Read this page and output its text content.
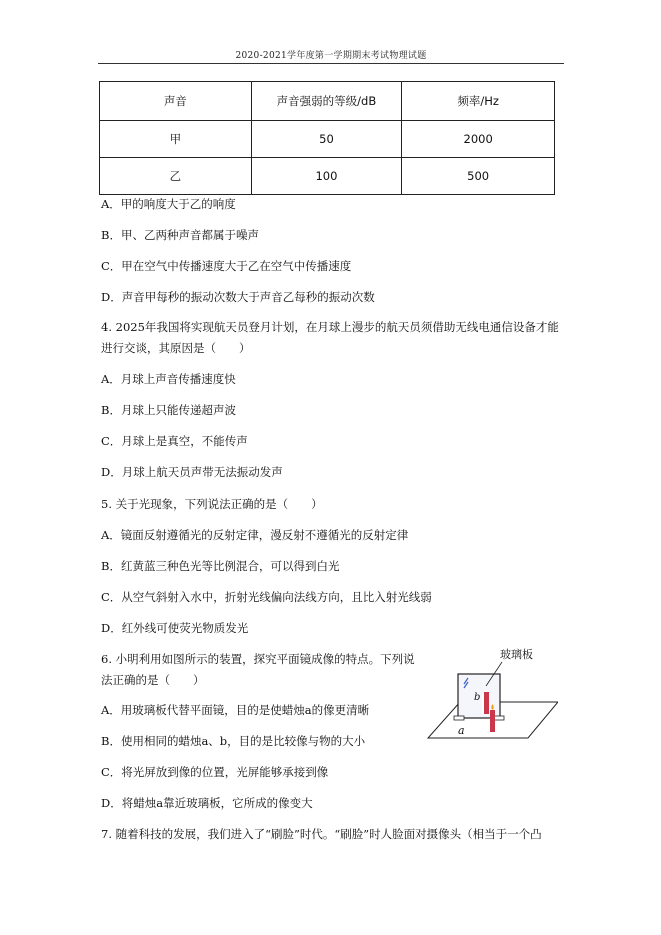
2020-2021学年度第一学期期末考试物理试题
声音	声音强弱的等级/dB	频率/Hz
甲	50	2000
乙	100	500
A．甲的响度大于乙的响度
B．甲、乙两种声音都属于噪声
C．甲在空气中传播速度大于乙在空气中传播速度
D．声音甲每秒的振动次数大于声音乙每秒的振动次数
4. 2025年我国将实现航天员登月计划，在月球上漫步的航天员须借助无线电通信设备才能进行交谈，其原因是（　　）
A．月球上声音传播速度快
B．月球上只能传递超声波
C．月球上是真空，不能传声
D．月球上航天员声带无法振动发声
5. 关于光现象，下列说法正确的是（　　）
A．镜面反射遵循光的反射定律，漫反射不遵循光的反射定律
B．红黄蓝三种色光等比例混合，可以得到白光
C．从空气斜射入水中，折射光线偏向法线方向，且比入射光线弱
D．红外线可使荧光物质发光
6. 小明利用如图所示的装置，探究平面镜成像的特点。下列说法正确的是（　　）
A．用玻璃板代替平面镜，目的是使蜡烛a的像更清晰
B．使用相同的蜡烛a、b，目的是比较像与物的大小
C．将光屏放到像的位置，光屏能够承接到像
D．将蜡烛a靠近玻璃板，它所成的像变大
玻璃板
b
a
7. 随着科技的发展，我们进入了“刷脸”时代。“刷脸”时人脸面对摄像头（相当于一个凸
